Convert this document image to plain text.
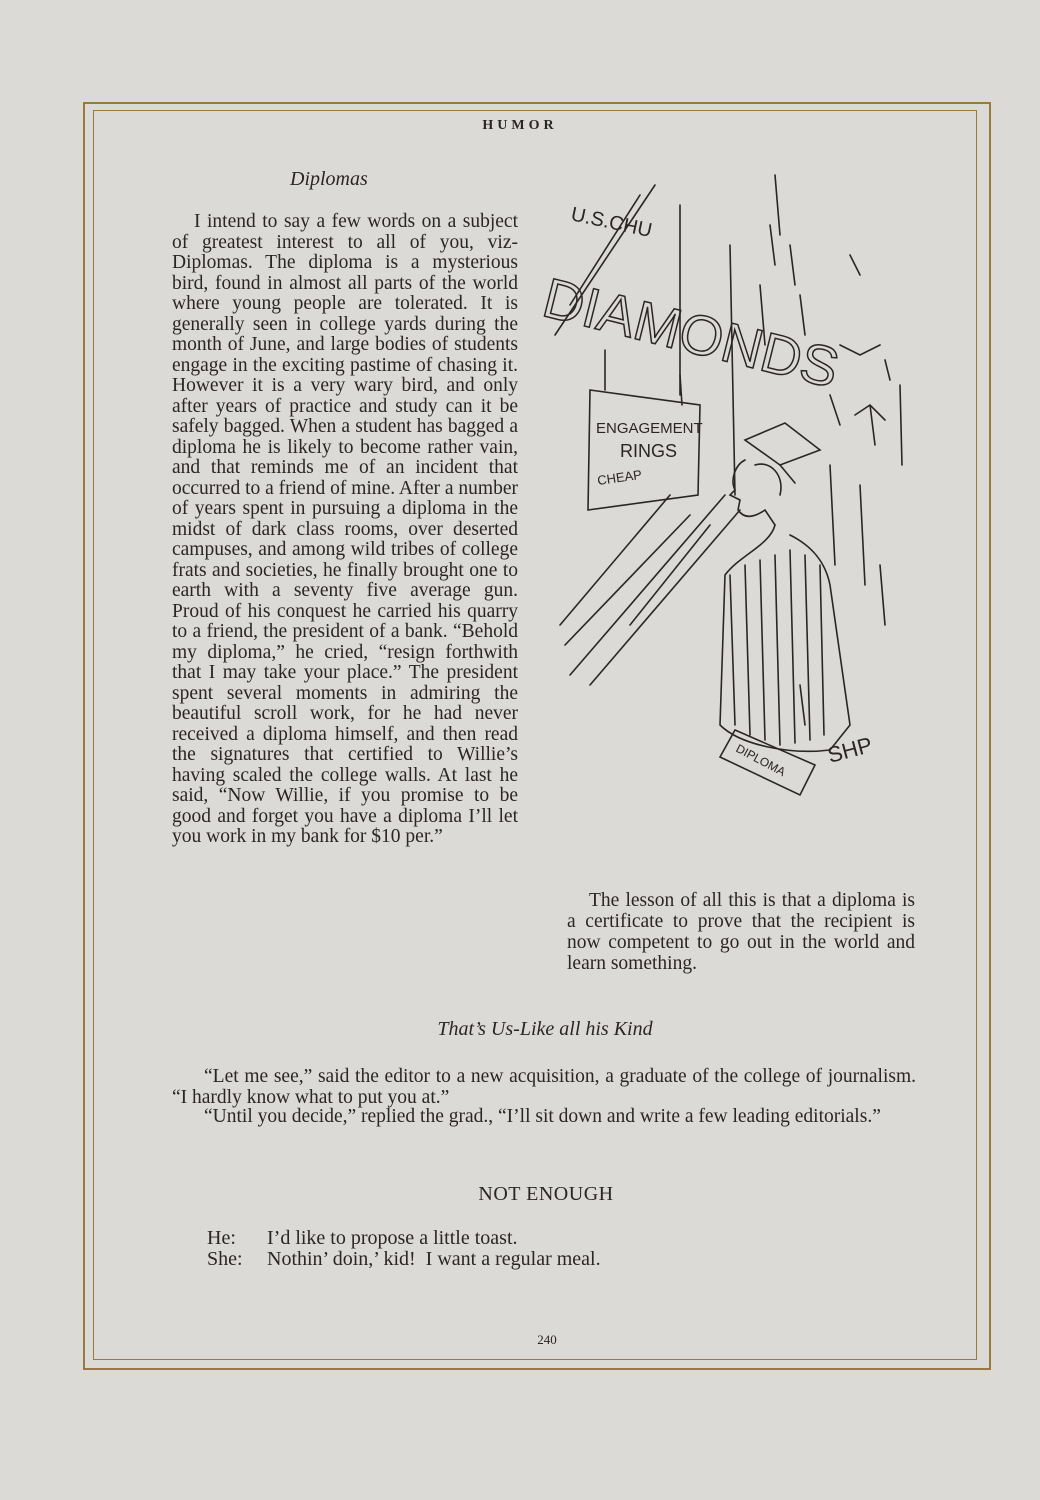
HUMOR
Diplomas
I intend to say a few words on a subject of greatest interest to all of you, viz-Diplomas. The diploma is a mysterious bird, found in almost all parts of the world where young people are tolerated. It is generally seen in college yards during the month of June, and large bodies of students engage in the exciting pastime of chasing it. However it is a very wary bird, and only after years of practice and study can it be safely bagged. When a student has bagged a diploma he is likely to become rather vain, and that reminds me of an incident that occurred to a friend of mine. After a number of years spent in pursuing a diploma in the midst of dark class rooms, over deserted campuses, and among wild tribes of college frats and societies, he finally brought one to earth with a seventy five average gun. Proud of his conquest he carried his quarry to a friend, the president of a bank. “Behold my diploma,” he cried, “resign forthwith that I may take your place.” The president spent several moments in admiring the beautiful scroll work, for he had never received a diploma himself, and then read the signatures that certified to Willie’s having scaled the college walls. At last he said, “Now Willie, if you promise to be good and forget you have a diploma I’ll let you work in my bank for $10 per.”
U.S.CHU
DIAMONDS
ENGAGEMENT
RINGS
CHEAP
DIPLOMA SHP
The lesson of all this is that a diploma is a certificate to prove that the recipient is now competent to go out in the world and learn something.
That’s Us-Like all his Kind
“Let me see,” said the editor to a new acquisition, a graduate of the college of journalism. “I hardly know what to put you at.”
“Until you decide,” replied the grad., “I’ll sit down and write a few leading editorials.”
NOT ENOUGH
He: I’d like to propose a little toast.
She: Nothin’ doin,’ kid!  I want a regular meal.
240
